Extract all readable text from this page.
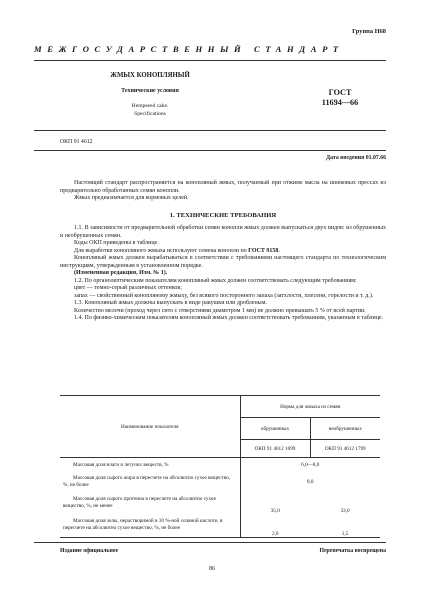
Группа Н68
МЕЖГОСУДАРСТВЕННЫЙ СТАНДАРТ
ЖМЫХ КОНОПЛЯНЫЙ
Технические условия
Hempseed cake.
Specifications
ГОСТ
11694—66
ОКП 91 4612
Дата введения 01.07.66

Настоящий стандарт распространяется на конопляный жмых, получаемый при отжиме масла на шнековых прессах из предварительно обработанных семян конопли.

Жмых предназначается для кормовых целей.

1. ТЕХНИЧЕСКИЕ ТРЕБОВАНИЯ

1.1. В зависимости от предварительной обработки семян конопли жмых должен выпускаться двух видов: из обрушенных и необрушенных семян.

Коды ОКП приведены в таблице.

Для выработки конопляного жмыха используют семена конопли по ГОСТ 9158.

Конопляный жмых должен вырабатываться в соответствии с требованиями настоящего стандарта по технологическим инструкциям, утвержденным в установленном порядке.

(Измененная редакция, Изм. № 1).

1.2. По органолептическим показателям конопляный жмых должен соответствовать следующим требованиям:

цвет — темно-серый различных оттенков;

запах — свойственный конопляному жмыху, без всякого постороннего запаха (затхлости, плесени, горелости и т. д.).

1.3. Конопляный жмых должны выпускать в виде ракушки или дробленым.

Количество мелочи (проход через сито с отверстиями диаметром 1 мм) не должно превышать 5 % от всей партии.

1.4. По физико-химическим показателям конопляный жмых должен соответствовать требованиям, указанным в таблице.

Наименование показателя	Норма для жмыха из семян	
	обрушенных	необрушенных
	ОКП 91 4612 1699	ОКП 91 4612 1799
Массовая доля влаги и летучих веществ, %	6,0—8,0	
Массовая доля сырого жира в пересчете на абсолютно сухое вещество, %, не более	8,0	
Массовая доля сырого протеина в пересчете на абсолютно сухое вещество, %, не менее	35,0	33,0
Массовая доля золы, нерастворимой в 10 %-ной соляной кислоте, в пересчете на абсолютно сухое вещество, %, не более	2,0	1,5
Издание официальное	Перепечатка воспрещена
86
